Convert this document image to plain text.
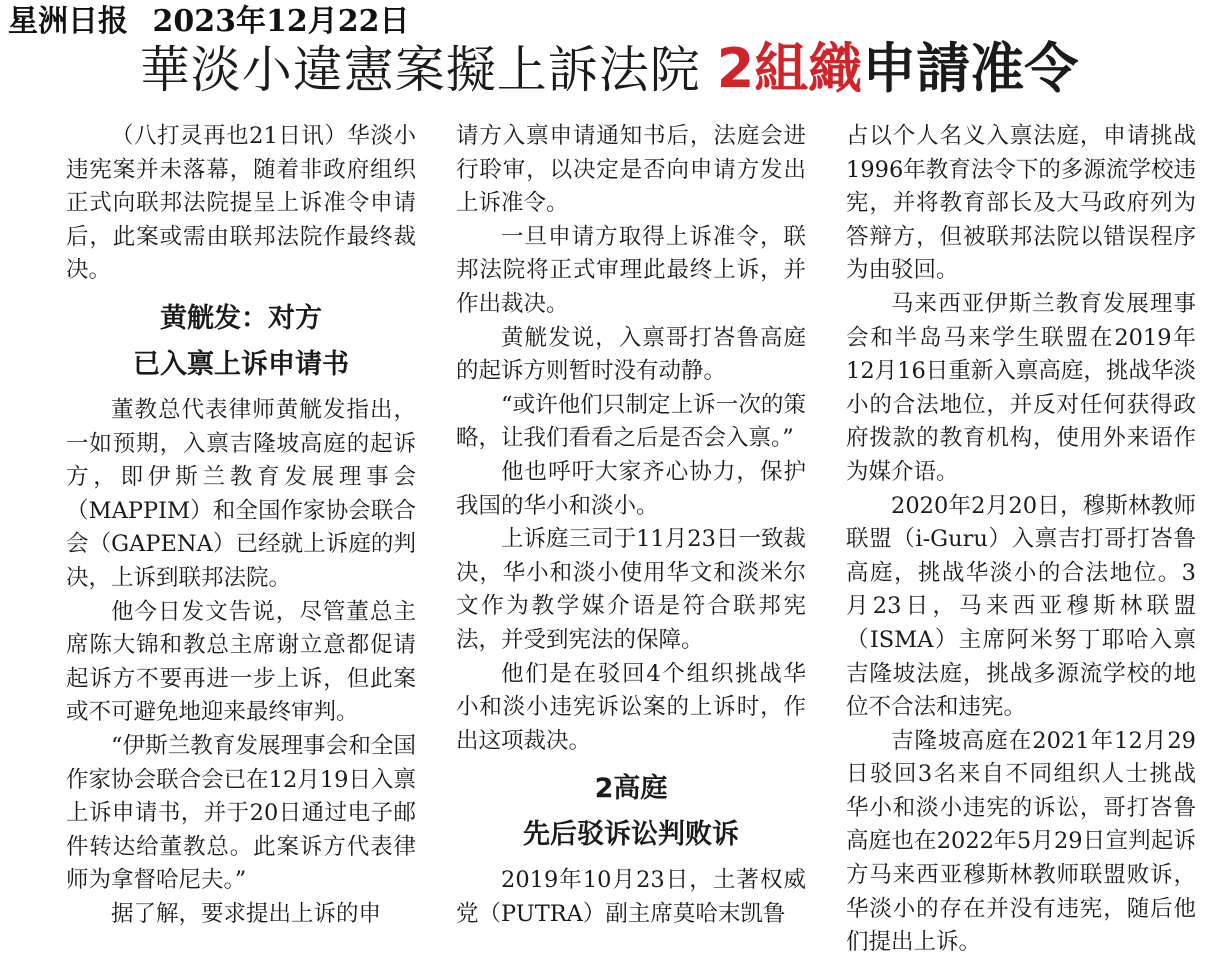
星洲日报 2023年12月22日
華淡小違憲案擬上訴法院 2組織申請准令

（八打灵再也21日讯）华淡小违宪案并未落幕，随着非政府组织正式向联邦法院提呈上诉准令申请后，此案或需由联邦法院作最终裁决。

黄觥发：对方
已入禀上诉申请书

董教总代表律师黄觥发指出，一如预期，入禀吉隆坡高庭的起诉方，即伊斯兰教育发展理事会（MAPPIM）和全国作家协会联合会（GAPENA）已经就上诉庭的判决，上诉到联邦法院。

他今日发文告说，尽管董总主席陈大锦和教总主席谢立意都促请起诉方不要再进一步上诉，但此案或不可避免地迎来最终审判。

“伊斯兰教育发展理事会和全国作家协会联合会已在12月19日入禀上诉申请书，并于20日通过电子邮件转达给董教总。此案诉方代表律师为拿督哈尼夫。”

据了解，要求提出上诉的申

请方入禀申请通知书后，法庭会进行聆审，以决定是否向申请方发出上诉准令。

一旦申请方取得上诉准令，联邦法院将正式审理此最终上诉，并作出裁决。

黄觥发说，入禀哥打峇鲁高庭的起诉方则暂时没有动静。

“或许他们只制定上诉一次的策略，让我们看看之后是否会入禀。”

他也呼吁大家齐心协力，保护我国的华小和淡小。

上诉庭三司于11月23日一致裁决，华小和淡小使用华文和淡米尔文作为教学媒介语是符合联邦宪法，并受到宪法的保障。

他们是在驳回4个组织挑战华小和淡小违宪诉讼案的上诉时，作出这项裁决。

2高庭
先后驳诉讼判败诉

2019年10月23日，土著权威党（PUTRA）副主席莫哈末凯鲁

占以个人名义入禀法庭，申请挑战1996年教育法令下的多源流学校违宪，并将教育部长及大马政府列为答辩方，但被联邦法院以错误程序为由驳回。

马来西亚伊斯兰教育发展理事会和半岛马来学生联盟在2019年12月16日重新入禀高庭，挑战华淡小的合法地位，并反对任何获得政府拨款的教育机构，使用外来语作为媒介语。

2020年2月20日，穆斯林教师联盟（i-Guru）入禀吉打哥打峇鲁高庭，挑战华淡小的合法地位。3月23日，马来西亚穆斯林联盟（ISMA）主席阿米努丁耶哈入禀吉隆坡法庭，挑战多源流学校的地位不合法和违宪。

吉隆坡高庭在2021年12月29日驳回3名来自不同组织人士挑战华小和淡小违宪的诉讼，哥打峇鲁高庭也在2022年5月29日宣判起诉方马来西亚穆斯林教师联盟败诉，华淡小的存在并没有违宪，随后他们提出上诉。
